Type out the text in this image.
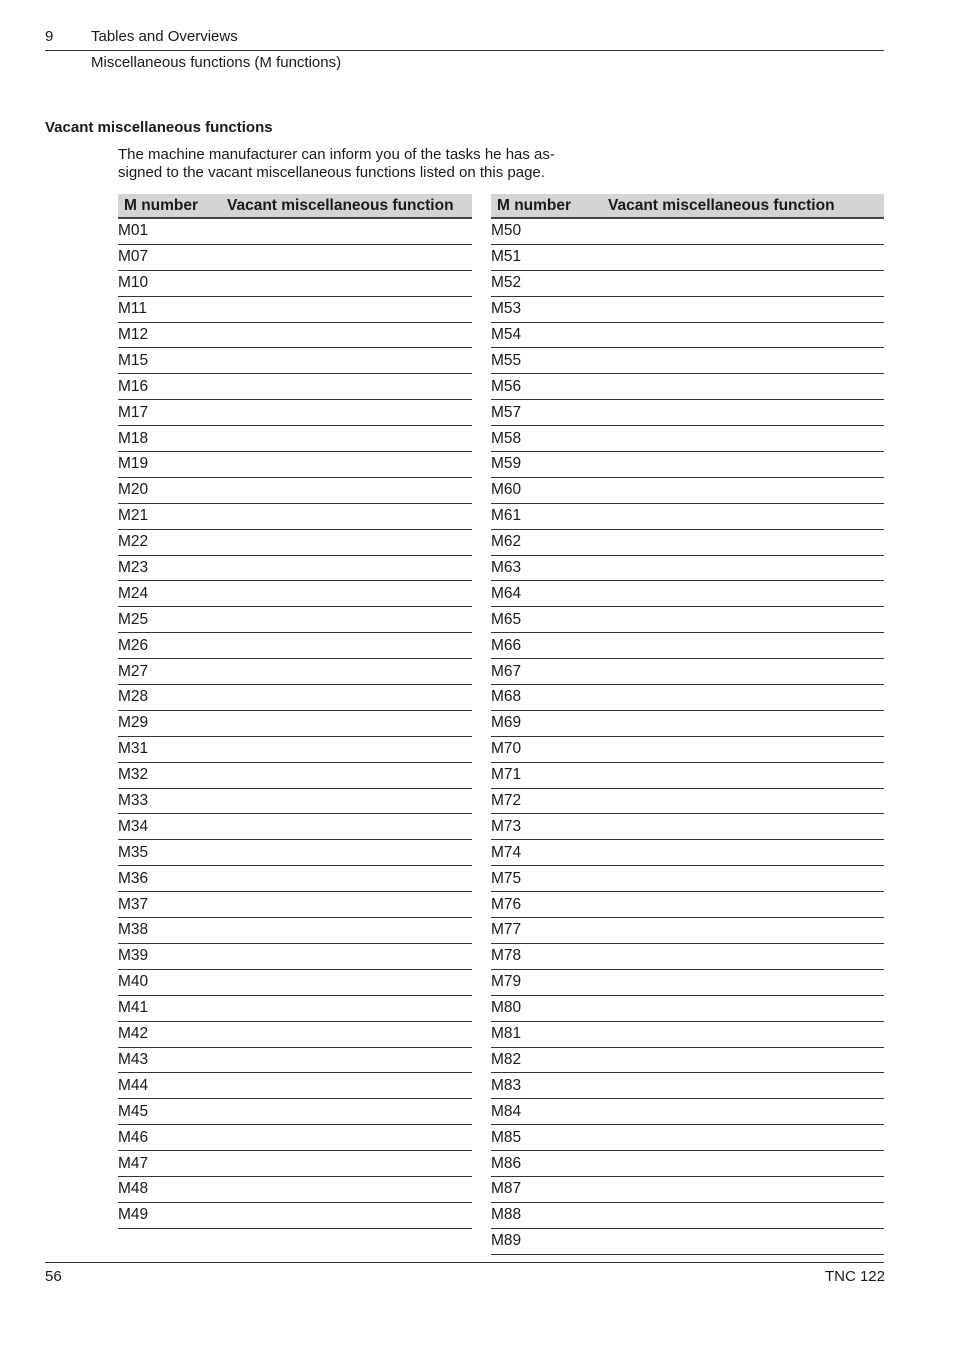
9	Tables and Overviews
Miscellaneous functions (M functions)
Vacant miscellaneous functions
The machine manufacturer can inform you of the tasks he has as-
signed to the vacant miscellaneous functions listed on this page.
M number	Vacant miscellaneous function
M01	
M07	
M10	
M11	
M12	
M15	
M16	
M17	
M18	
M19	
M20	
M21	
M22	
M23	
M24	
M25	
M26	
M27	
M28	
M29	
M31	
M32	
M33	
M34	
M35	
M36	
M37	
M38	
M39	
M40	
M41	
M42	
M43	
M44	
M45	
M46	
M47	
M48	
M49	
M number	Vacant miscellaneous function
M50	
M51	
M52	
M53	
M54	
M55	
M56	
M57	
M58	
M59	
M60	
M61	
M62	
M63	
M64	
M65	
M66	
M67	
M68	
M69	
M70	
M71	
M72	
M73	
M74	
M75	
M76	
M77	
M78	
M79	
M80	
M81	
M82	
M83	
M84	
M85	
M86	
M87	
M88	
M89	
56	TNC 122
